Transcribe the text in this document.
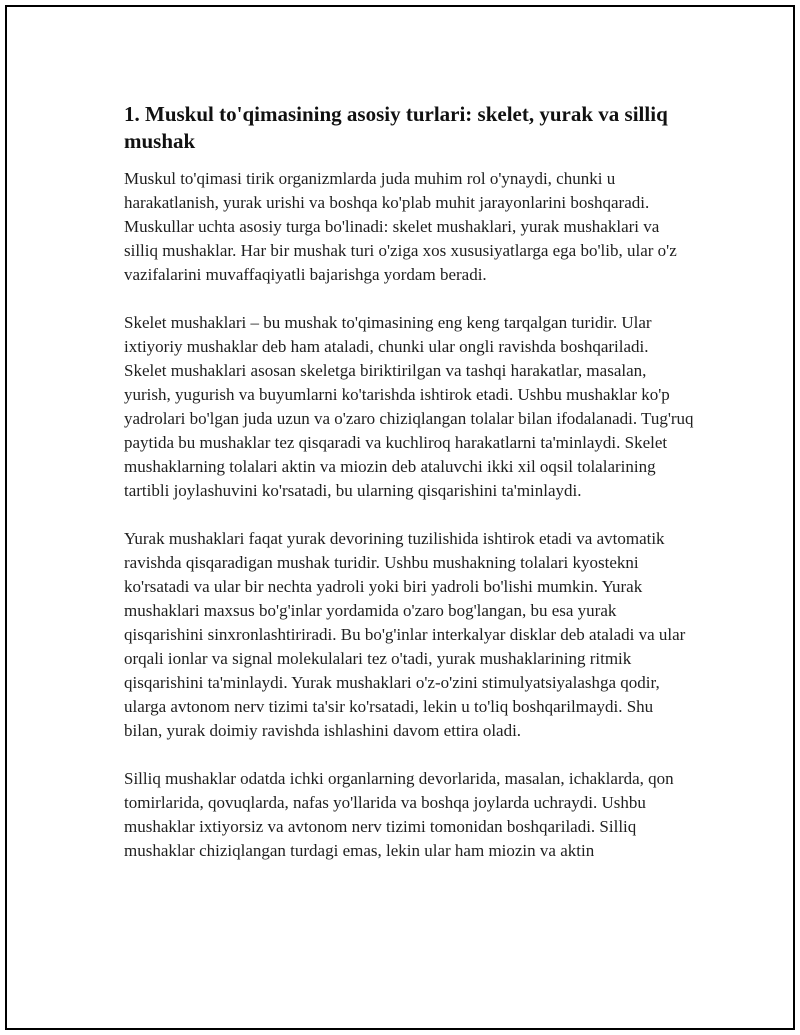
1. Muskul to'qimasining asosiy turlari: skelet, yurak va silliq mushak

Muskul to'qimasi tirik organizmlarda juda muhim rol o'ynaydi, chunki u harakatlanish, yurak urishi va boshqa ko'plab muhit jarayonlarini boshqaradi. Muskullar uchta asosiy turga bo'linadi: skelet mushaklari, yurak mushaklari va silliq mushaklar. Har bir mushak turi o'ziga xos xususiyatlarga ega bo'lib, ular o'z vazifalarini muvaffaqiyatli bajarishga yordam beradi.

Skelet mushaklari – bu mushak to'qimasining eng keng tarqalgan turidir. Ular ixtiyoriy mushaklar deb ham ataladi, chunki ular ongli ravishda boshqariladi. Skelet mushaklari asosan skeletga biriktirilgan va tashqi harakatlar, masalan, yurish, yugurish va buyumlarni ko'tarishda ishtirok etadi. Ushbu mushaklar ko'p yadrolari bo'lgan juda uzun va o'zaro chiziqlangan tolalar bilan ifodalanadi. Tug'ruq paytida bu mushaklar tez qisqaradi va kuchliroq harakatlarni ta'minlaydi. Skelet mushaklarning tolalari aktin va miozin deb ataluvchi ikki xil oqsil tolalarining tartibli joylashuvini ko'rsatadi, bu ularning qisqarishini ta'minlaydi.

Yurak mushaklari faqat yurak devorining tuzilishida ishtirok etadi va avtomatik ravishda qisqaradigan mushak turidir. Ushbu mushakning tolalari kyostekni ko'rsatadi va ular bir nechta yadroli yoki biri yadroli bo'lishi mumkin. Yurak mushaklari maxsus bo'g'inlar yordamida o'zaro bog'langan, bu esa yurak qisqarishini sinxronlashtiriradi. Bu bo'g'inlar interkalyar disklar deb ataladi va ular orqali ionlar va signal molekulalari tez o'tadi, yurak mushaklarining ritmik qisqarishini ta'minlaydi. Yurak mushaklari o'z-o'zini stimulyatsiyalashga qodir, ularga avtonom nerv tizimi ta'sir ko'rsatadi, lekin u to'liq boshqarilmaydi. Shu bilan, yurak doimiy ravishda ishlashini davom ettira oladi.

Silliq mushaklar odatda ichki organlarning devorlarida, masalan, ichaklarda, qon tomirlarida, qovuqlarda, nafas yo'llarida va boshqa joylarda uchraydi. Ushbu mushaklar ixtiyorsiz va avtonom nerv tizimi tomonidan boshqariladi. Silliq mushaklar chiziqlangan turdagi emas, lekin ular ham miozin va aktin
